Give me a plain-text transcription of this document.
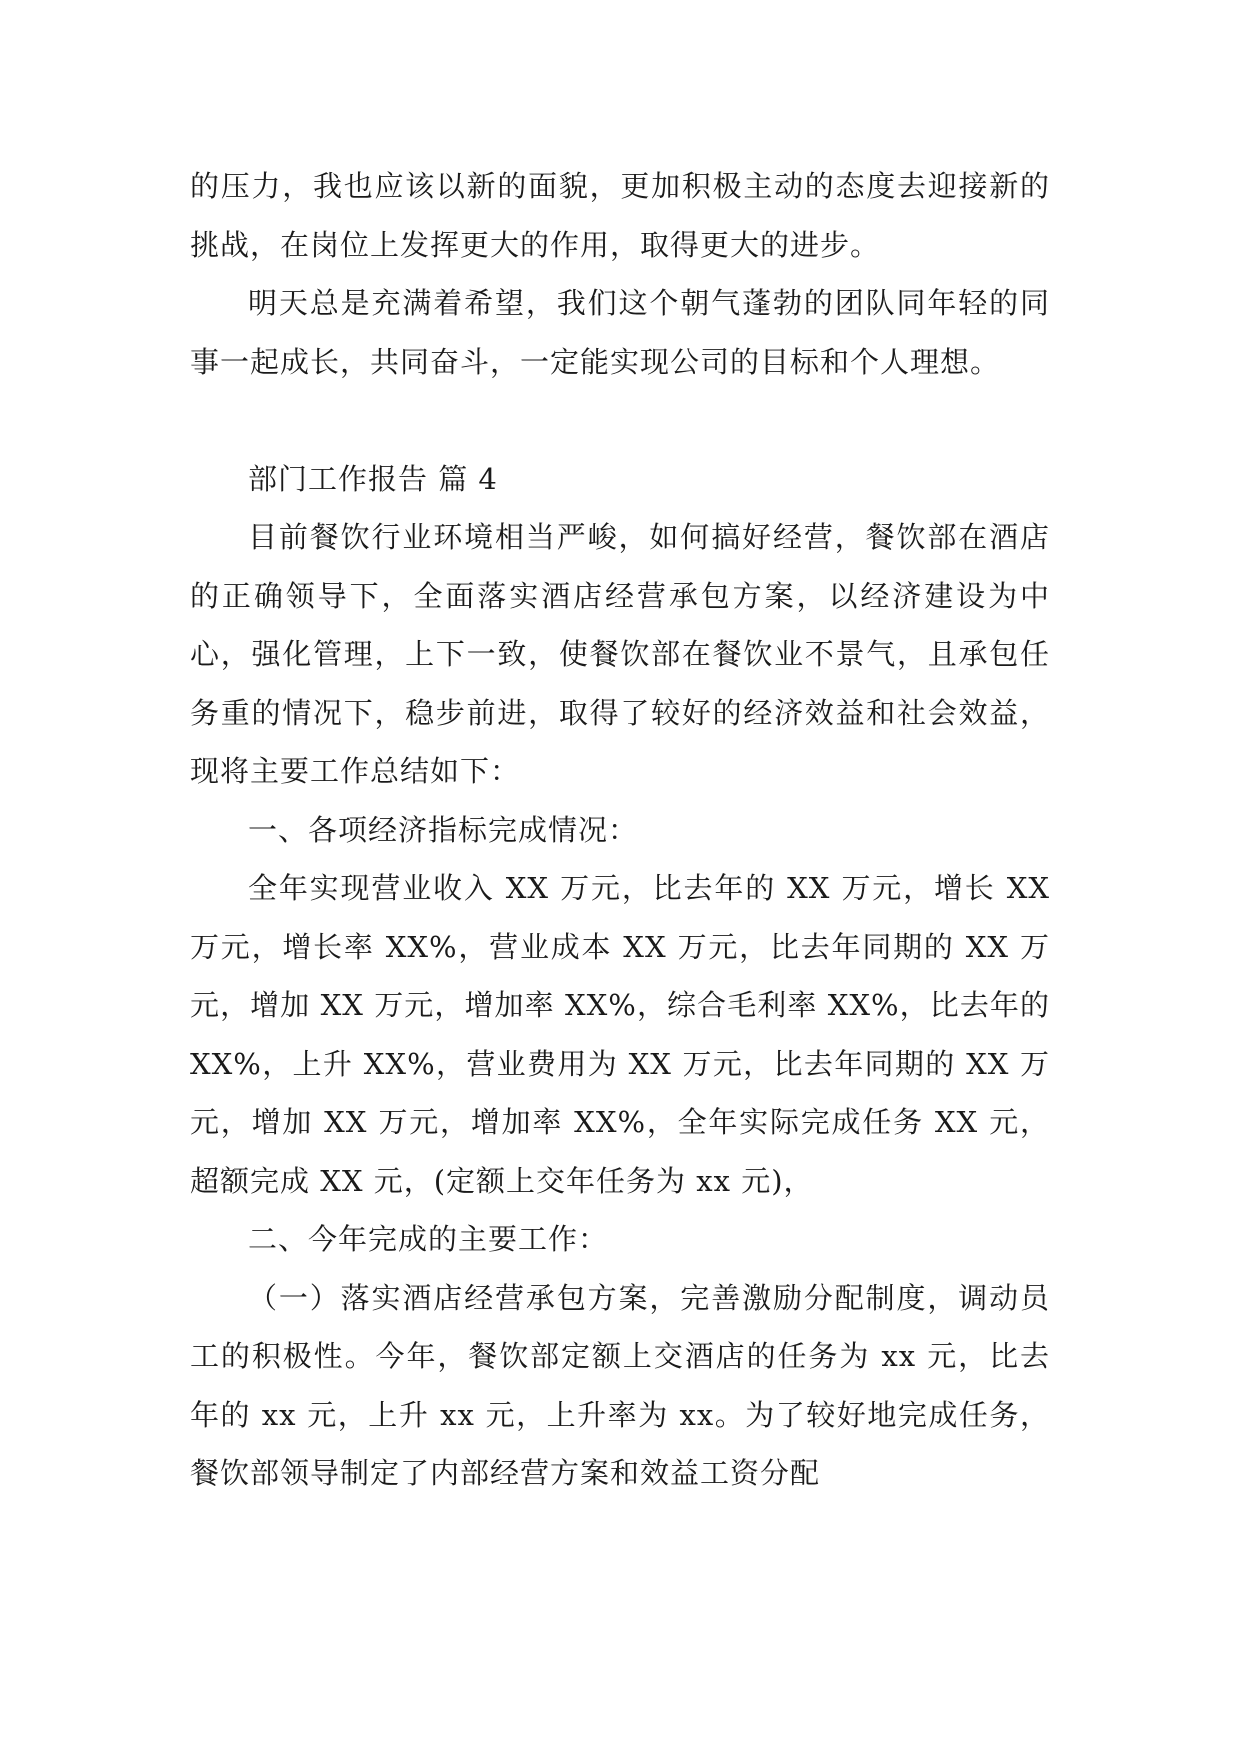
的压力，我也应该以新的面貌，更加积极主动的态度去迎接新的挑战，在岗位上发挥更大的作用，取得更大的进步。

明天总是充满着希望，我们这个朝气蓬勃的团队同年轻的同事一起成长，共同奋斗，一定能实现公司的目标和个人理想。

部门工作报告 篇 4

目前餐饮行业环境相当严峻，如何搞好经营，餐饮部在酒店的正确领导下，全面落实酒店经营承包方案，以经济建设为中心，强化管理，上下一致，使餐饮部在餐饮业不景气，且承包任务重的情况下，稳步前进，取得了较好的经济效益和社会效益，现将主要工作总结如下：

一、各项经济指标完成情况：

全年实现营业收入 XX 万元，比去年的 XX 万元，增长 XX 万元，增长率 XX%，营业成本 XX 万元，比去年同期的 XX 万元，增加 XX 万元，增加率 XX%，综合毛利率 XX%，比去年的 XX%，上升 XX%，营业费用为 XX 万元，比去年同期的 XX 万元，增加 XX 万元，增加率 XX%，全年实际完成任务 XX 元，超额完成 XX 元，(定额上交年任务为 xx 元)，

二、今年完成的主要工作：

（一）落实酒店经营承包方案，完善激励分配制度，调动员工的积极性。今年，餐饮部定额上交酒店的任务为 xx 元，比去年的 xx 元，上升 xx 元，上升率为 xx。为了较好地完成任务，餐饮部领导制定了内部经营方案和效益工资分配
